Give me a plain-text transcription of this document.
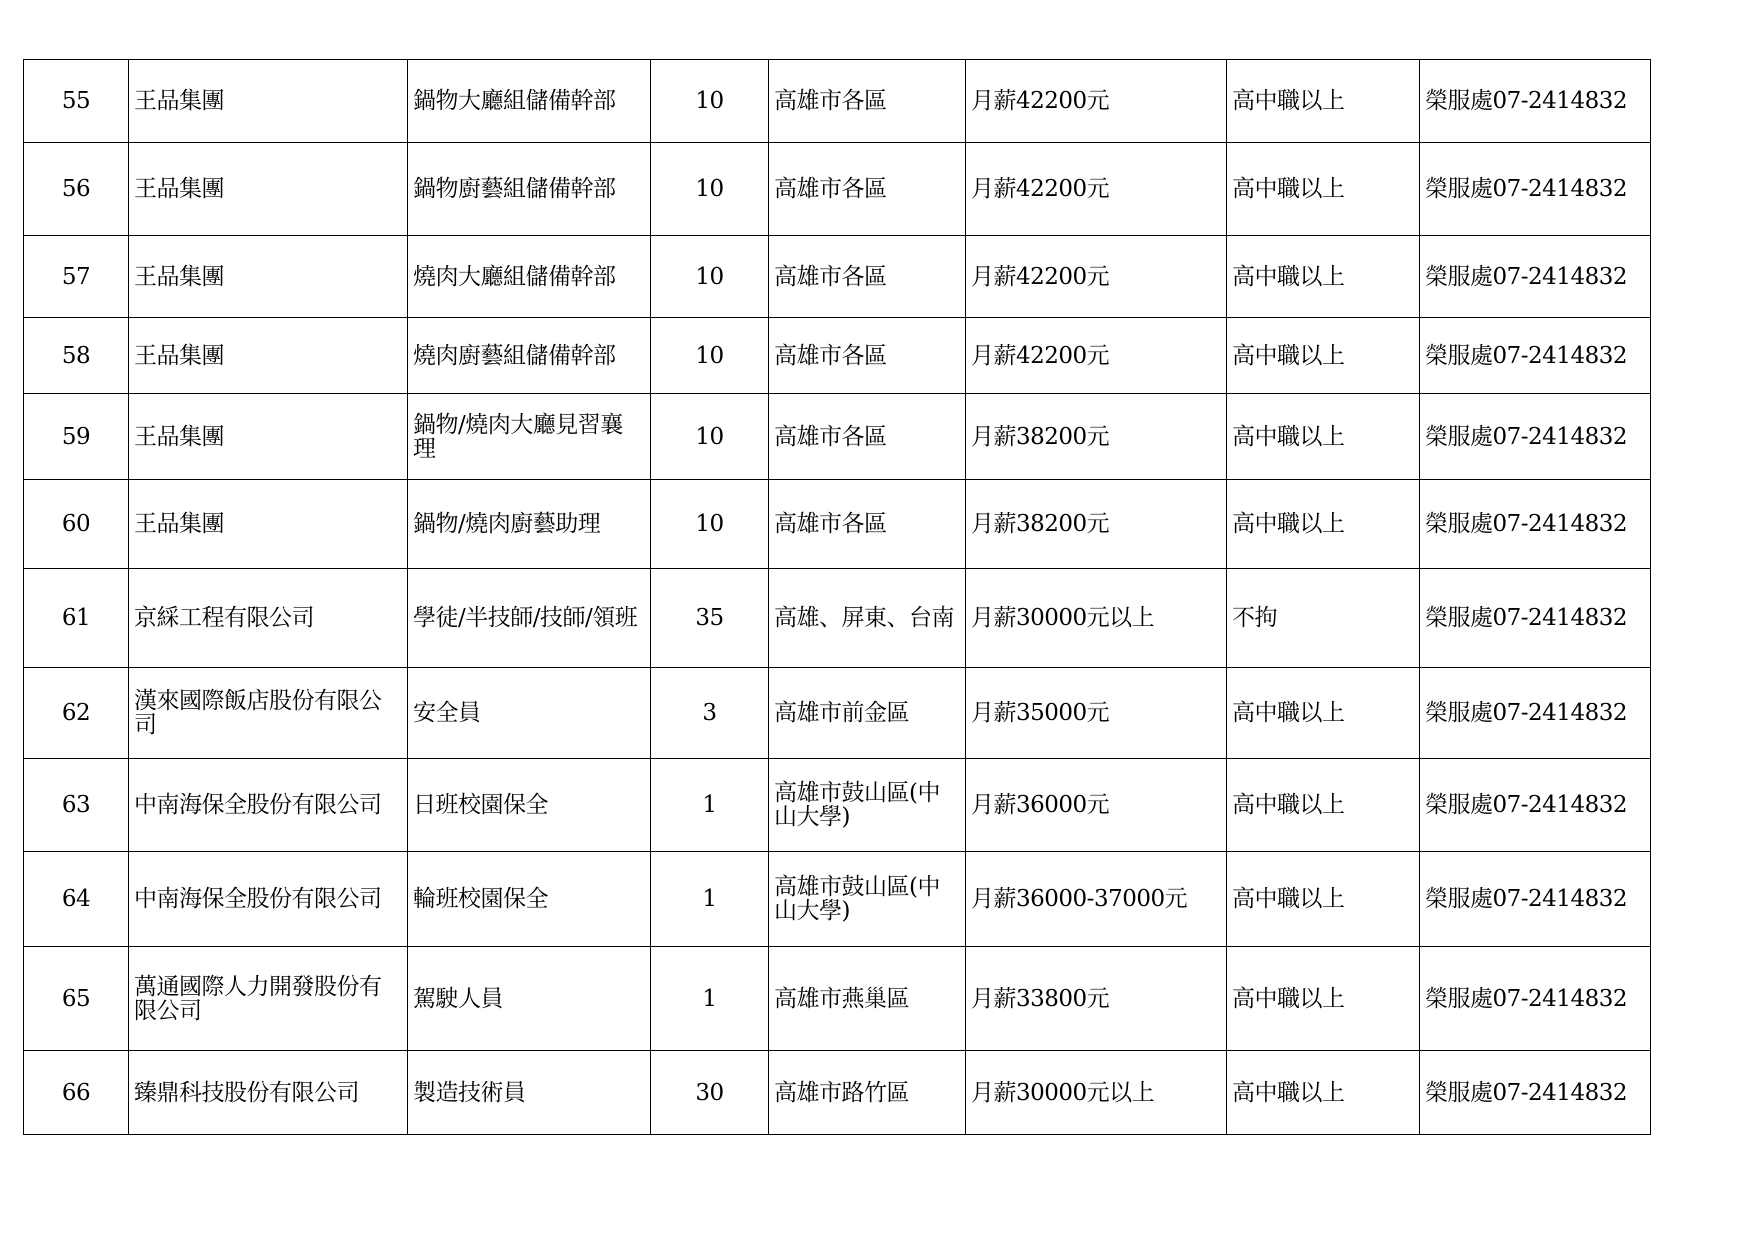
55	王品集團	鍋物大廳組儲備幹部	10	高雄市各區	月薪42200元	高中職以上	榮服處07-2414832
56	王品集團	鍋物廚藝組儲備幹部	10	高雄市各區	月薪42200元	高中職以上	榮服處07-2414832
57	王品集團	燒肉大廳組儲備幹部	10	高雄市各區	月薪42200元	高中職以上	榮服處07-2414832
58	王品集團	燒肉廚藝組儲備幹部	10	高雄市各區	月薪42200元	高中職以上	榮服處07-2414832
59	王品集團	鍋物/燒肉大廳見習襄理	10	高雄市各區	月薪38200元	高中職以上	榮服處07-2414832
60	王品集團	鍋物/燒肉廚藝助理	10	高雄市各區	月薪38200元	高中職以上	榮服處07-2414832
61	京綵工程有限公司	學徒/半技師/技師/領班	35	高雄、屏東、台南	月薪30000元以上	不拘	榮服處07-2414832
62	漢來國際飯店股份有限公司	安全員	3	高雄市前金區	月薪35000元	高中職以上	榮服處07-2414832
63	中南海保全股份有限公司	日班校園保全	1	高雄市鼓山區(中山大學)	月薪36000元	高中職以上	榮服處07-2414832
64	中南海保全股份有限公司	輪班校園保全	1	高雄市鼓山區(中山大學)	月薪36000-37000元	高中職以上	榮服處07-2414832
65	萬通國際人力開發股份有限公司	駕駛人員	1	高雄市燕巢區	月薪33800元	高中職以上	榮服處07-2414832
66	臻鼎科技股份有限公司	製造技術員	30	高雄市路竹區	月薪30000元以上	高中職以上	榮服處07-2414832
